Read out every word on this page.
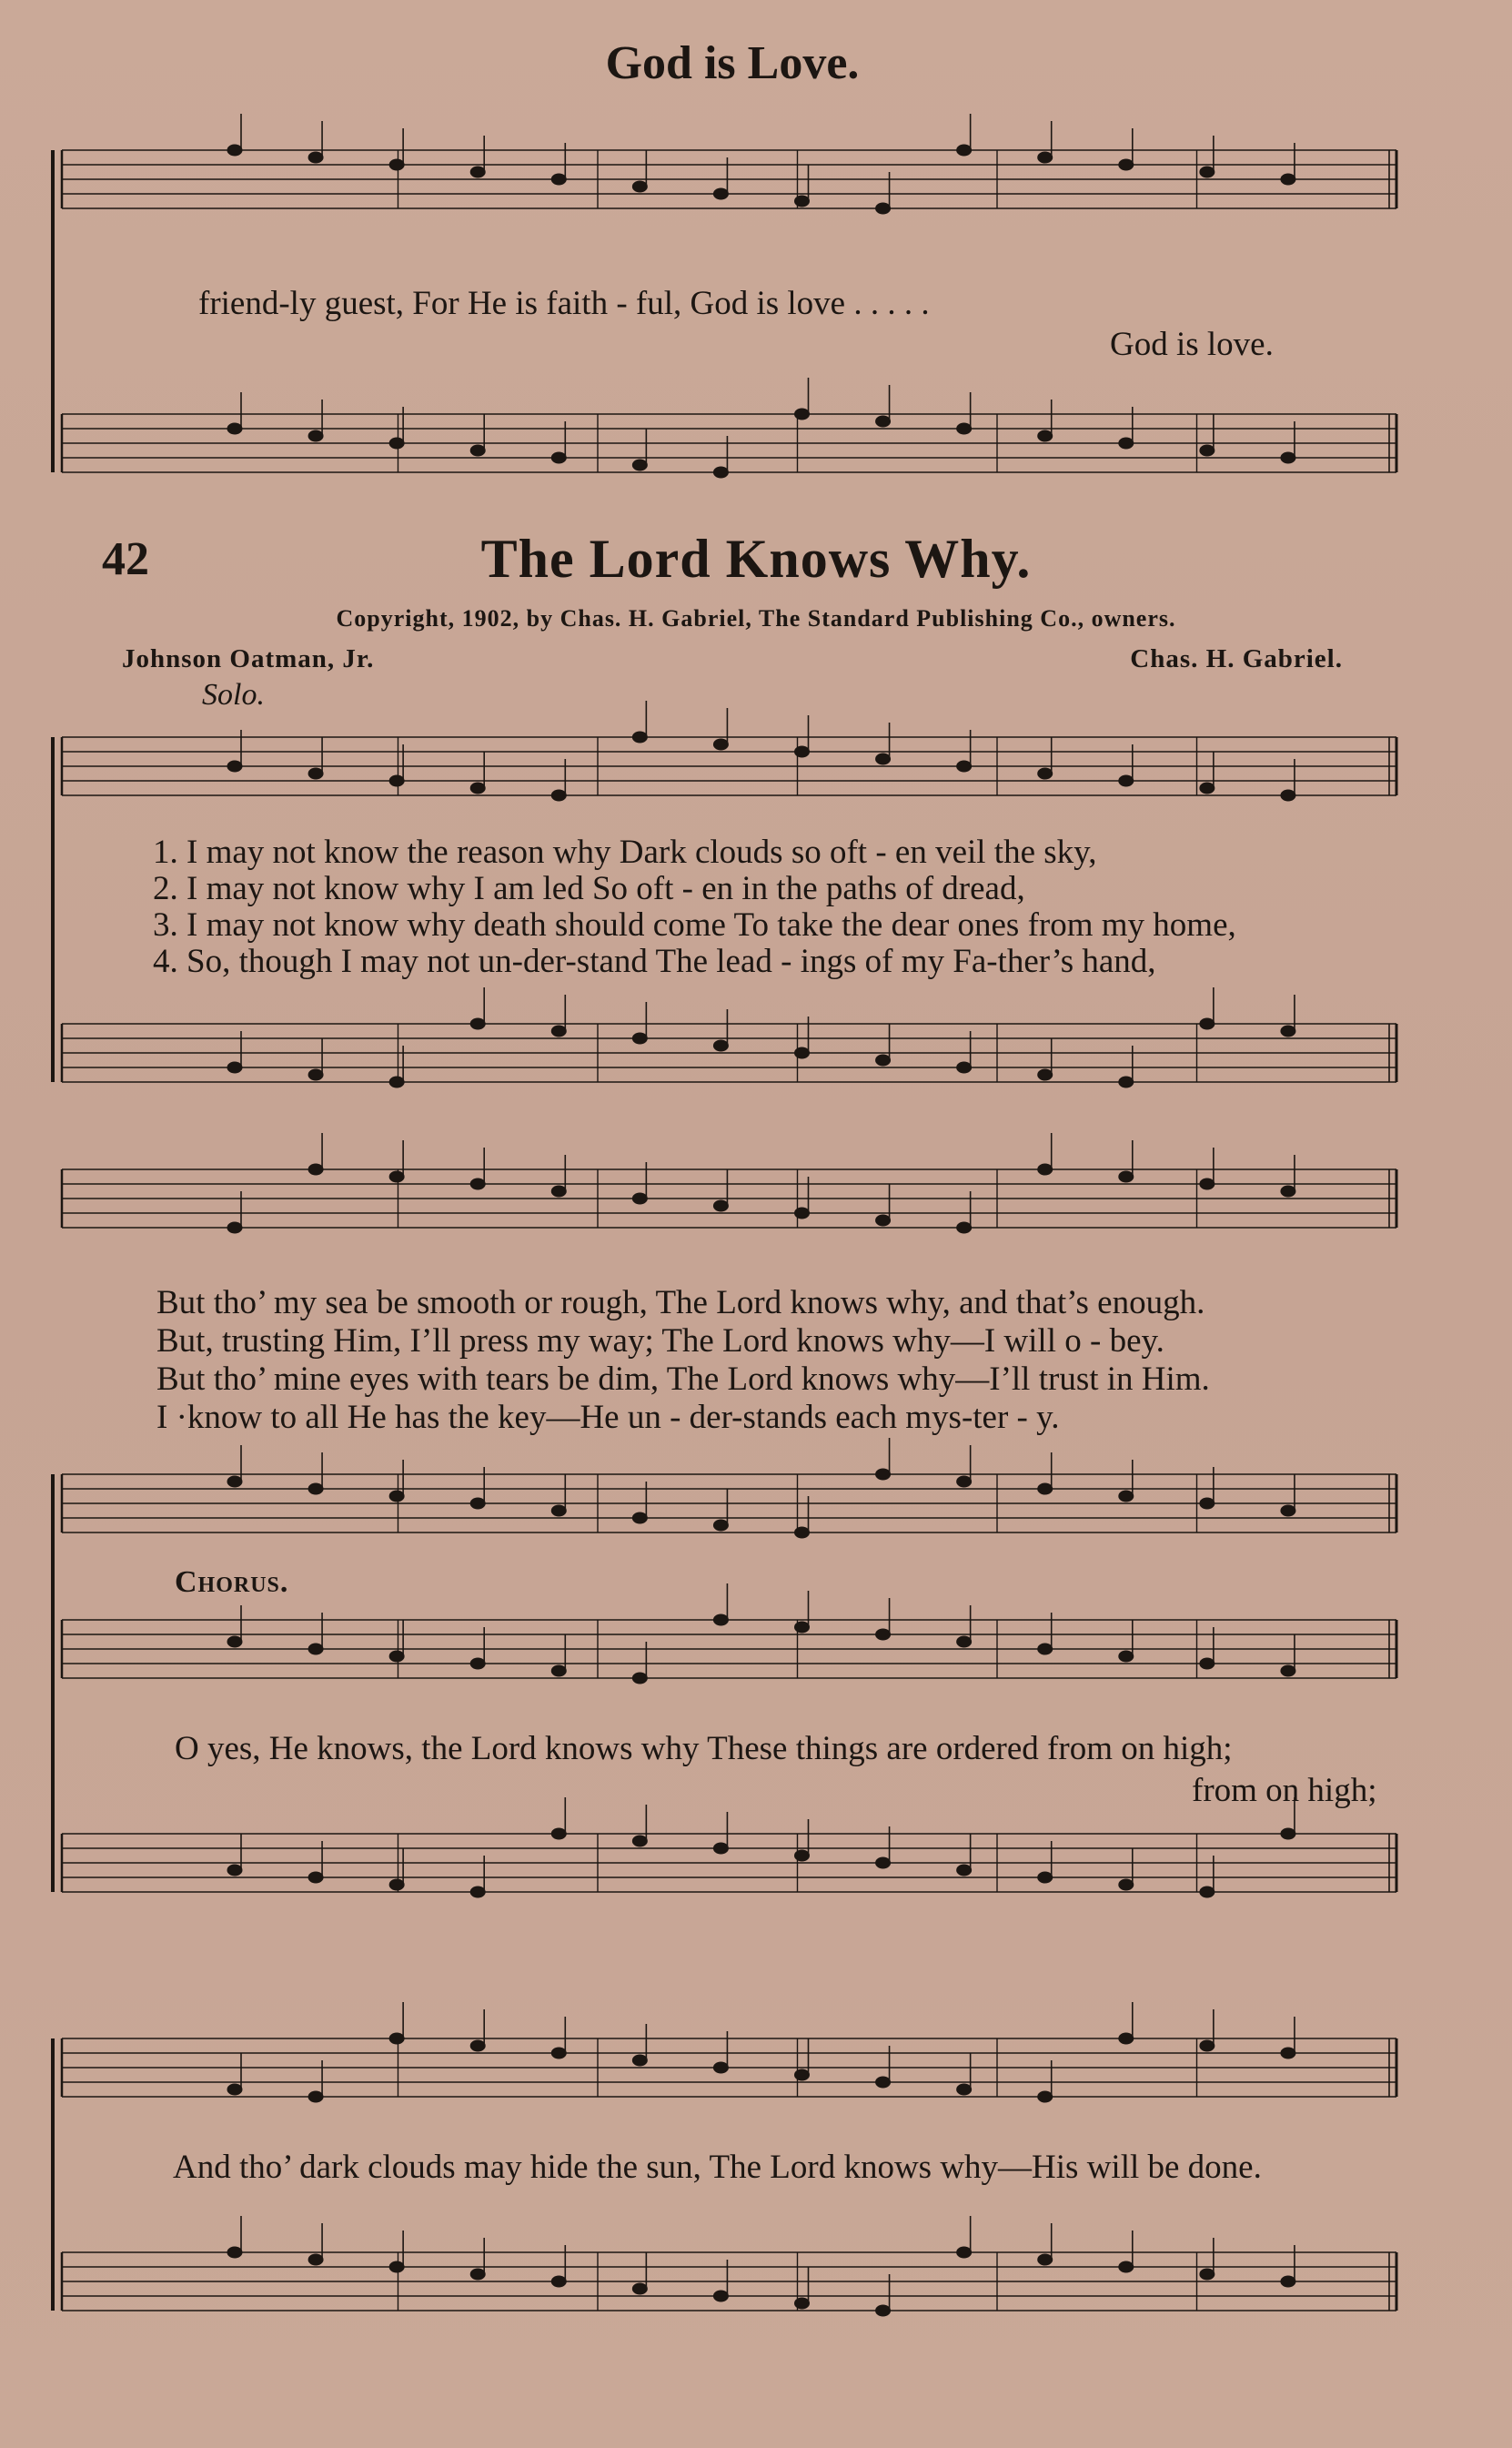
God is Love.
friend-ly guest, For He is faith - ful, God is love . . . . .
God is love.
42	The Lord Knows Why.
Copyright, 1902, by Chas. H. Gabriel, The Standard Publishing Co., owners.
Johnson Oatman, Jr.	Chas. H. Gabriel.
Solo.
1. I may not know the reason why Dark clouds so oft - en veil the sky,
2. I may not know why I am led So oft - en in the paths of dread,
3. I may not know why death should come To take the dear ones from my home,
4. So, though I may not un-der-stand The lead - ings of my Fa-ther’s hand,
But tho’ my sea be smooth or rough, The Lord knows why, and that’s enough.
But, trusting Him, I’ll press my way; The Lord knows why—I will o - bey.
But tho’ mine eyes with tears be dim, The Lord knows why—I’ll trust in Him.
I ·know to all He has the key—He un - der-stands each mys-ter - y.
Chorus.
O yes, He knows, the Lord knows why These things are ordered from on high;
from on high;
And tho’ dark clouds may hide the sun, The Lord knows why—His will be done.
